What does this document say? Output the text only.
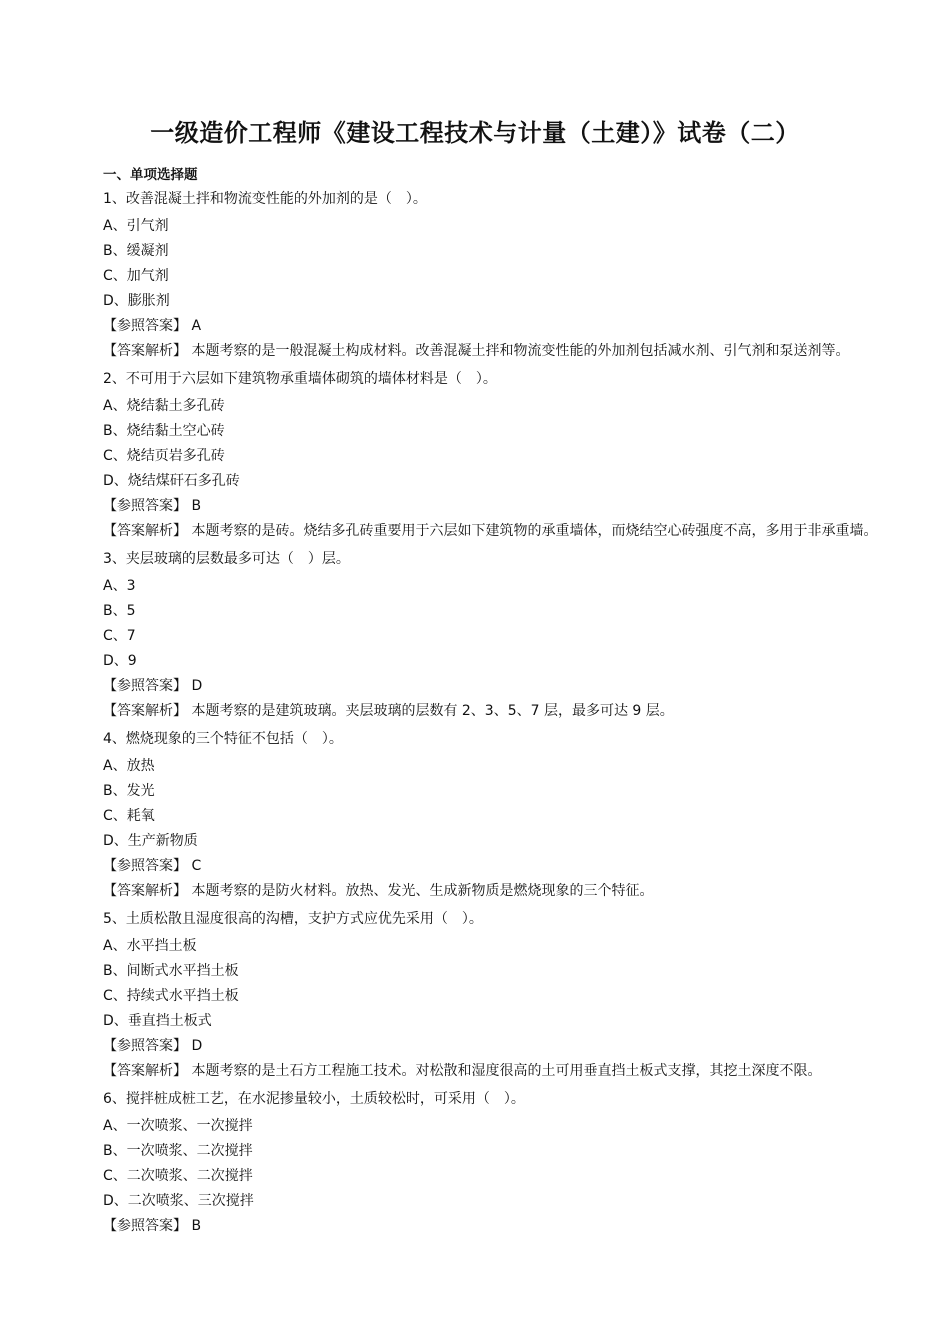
一级造价工程师《建设工程技术与计量（土建）》试卷（二）
一、单项选择题
1、改善混凝土拌和物流变性能的外加剂的是（　）。
A、引气剂
B、缓凝剂
C、加气剂
D、膨胀剂
【参照答案】 A
【答案解析】 本题考察的是一般混凝土构成材料。改善混凝土拌和物流变性能的外加剂包括减水剂、引气剂和泵送剂等。
2、不可用于六层如下建筑物承重墙体砌筑的墙体材料是（　）。
A、烧结黏土多孔砖
B、烧结黏土空心砖
C、烧结页岩多孔砖
D、烧结煤矸石多孔砖
【参照答案】 B
【答案解析】 本题考察的是砖。烧结多孔砖重要用于六层如下建筑物的承重墙体，而烧结空心砖强度不高，多用于非承重墙。
3、夹层玻璃的层数最多可达（　）层。
A、3
B、5
C、7
D、9
【参照答案】 D
【答案解析】 本题考察的是建筑玻璃。夹层玻璃的层数有 2、3、5、7 层，最多可达 9 层。
4、燃烧现象的三个特征不包括（　）。
A、放热
B、发光
C、耗氧
D、生产新物质
【参照答案】 C
【答案解析】 本题考察的是防火材料。放热、发光、生成新物质是燃烧现象的三个特征。
5、土质松散且湿度很高的沟槽，支护方式应优先采用（　）。
A、水平挡土板
B、间断式水平挡土板
C、持续式水平挡土板
D、垂直挡土板式
【参照答案】 D
【答案解析】 本题考察的是土石方工程施工技术。对松散和湿度很高的土可用垂直挡土板式支撑，其挖土深度不限。
6、搅拌桩成桩工艺，在水泥掺量较小，土质较松时，可采用（　）。
A、一次喷浆、一次搅拌
B、一次喷浆、二次搅拌
C、二次喷浆、二次搅拌
D、二次喷浆、三次搅拌
【参照答案】 B
